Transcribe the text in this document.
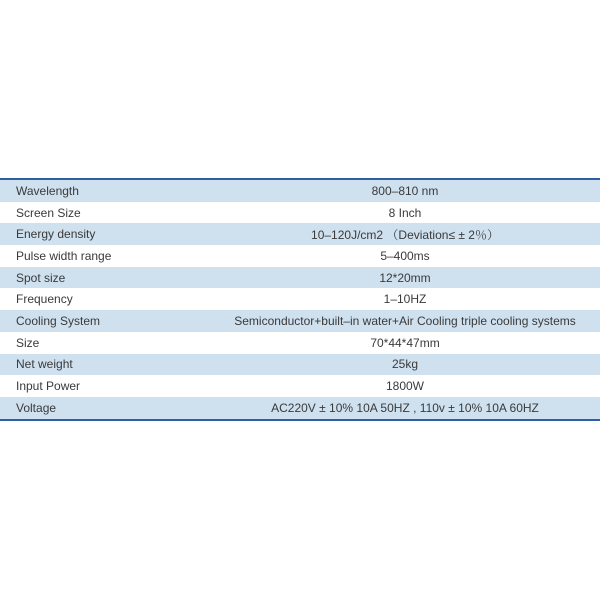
Wavelength	800–810 nm
Screen Size	8 Inch
Energy density	10–120J/cm2 （Deviation≤ ± 2％）
Pulse width range	5–400ms
Spot size	12*20mm
Frequency	1–10HZ
Cooling System	Semiconductor+built–in water+Air Cooling triple cooling systems
Size	70*44*47mm
Net weight	25kg
Input Power	1800W
Voltage	AC220V ± 10% 10A 50HZ , 110v ± 10% 10A 60HZ
